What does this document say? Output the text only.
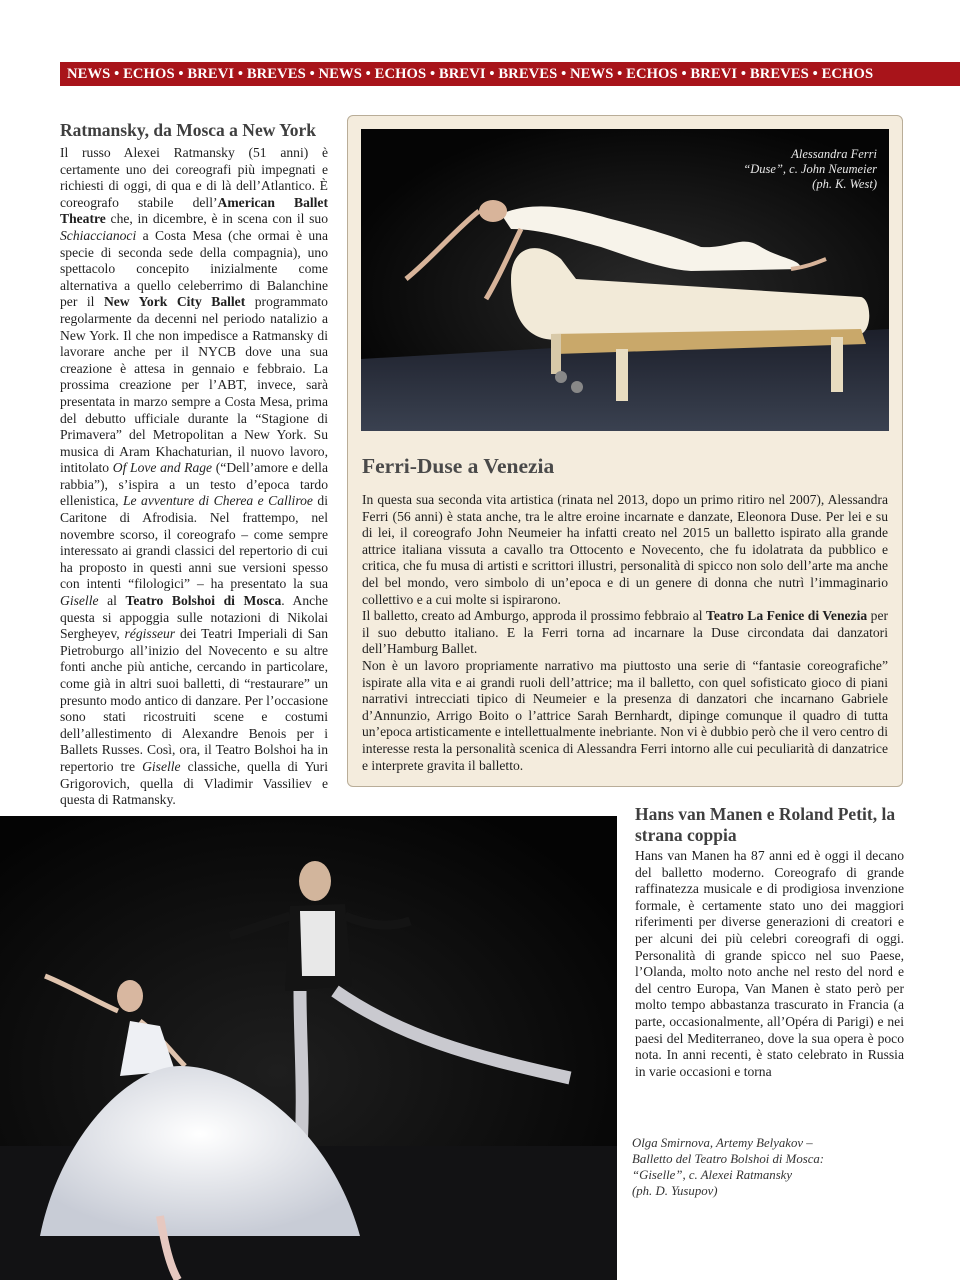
NEWS • ECHOS • BREVI • BREVES • NEWS • ECHOS • BREVI • BREVES • NEWS • ECHOS • BREVI • BREVES • ECHOS
Ratmansky, da Mosca a New York

Il russo Alexei Ratmansky (51 anni) è certamente uno dei coreografi più impegnati e richiesti di oggi, di qua e di là dell’Atlantico. È coreografo stabile dell’American Ballet Theatre che, in dicembre, è in scena con il suo Schiaccianoci a Costa Mesa (che ormai è una specie di seconda sede della compagnia), uno spettacolo concepito inizialmente come alternativa a quello celeberrimo di Balanchine per il New York City Ballet programmato regolarmente da decenni nel periodo natalizio a New York. Il che non impedisce a Ratmansky di lavorare anche per il NYCB dove una sua creazione è attesa in gennaio e febbraio. La prossima creazione per l’ABT, invece, sarà presentata in marzo sempre a Costa Mesa, prima del debutto ufficiale durante la “Stagione di Primavera” del Metropolitan a New York. Su musica di Aram Khachaturian, il nuovo lavoro, intitolato Of Love and Rage (“Dell’amore e della rabbia”), s’ispira a un testo d’epoca tardo ellenistica, Le avventure di Cherea e Calliroe di Caritone di Afrodisia. Nel frattempo, nel novembre scorso, il coreografo – come sempre interessato ai grandi classici del repertorio di cui ha proposto in questi anni sue versioni spesso con intenti “filologici” – ha presentato la sua Giselle al Teatro Bolshoi di Mosca. Anche questa si appoggia sulle notazioni di Nikolai Sergheyev, régisseur dei Teatri Imperiali di San Pietroburgo all’inizio del Novecento e su altre fonti anche più antiche, cercando in particolare, come già in altri suoi balletti, di “restaurare” un presunto modo antico di danzare. Per l’occasione sono stati ricostruiti scene e costumi dell’allestimento di Alexandre Benois per i Ballets Russes. Così, ora, il Teatro Bolshoi ha in repertorio tre Giselle classiche, quella di Yuri Grigorovich, quella di Vladimir Vassiliev e questa di Ratmansky.

Alessandra Ferri
“Duse”, c. John Neumeier
(ph. K. West)
Ferri-Duse a Venezia

In questa sua seconda vita artistica (rinata nel 2013, dopo un primo ritiro nel 2007), Alessandra Ferri (56 anni) è stata anche, tra le altre eroine incarnate e danzate, Eleonora Duse. Per lei e su di lei, il coreografo John Neumeier ha infatti creato nel 2015 un balletto ispirato alla grande attrice italiana vissuta a cavallo tra Ottocento e Novecento, che fu idolatrata da pubblico e critica, che fu musa di artisti e scrittori illustri, personalità di spicco non solo dell’arte ma anche del bel mondo, vero simbolo di un’epoca e di un genere di donna che nutrì l’immaginario collettivo e a cui molte si ispirarono.

Il balletto, creato ad Amburgo, approda il prossimo febbraio al Teatro La Fenice di Venezia per il suo debutto italiano. E la Ferri torna ad incarnare la Duse circondata dai danzatori dell’Hamburg Ballet.

Non è un lavoro propriamente narrativo ma piuttosto una serie di “fantasie coreografiche” ispirate alla vita e ai grandi ruoli dell’attrice; ma il balletto, con quel sofisticato gioco di piani narrativi intrecciati tipico di Neumeier e la presenza di danzatori che incarnano Gabriele d’Annunzio, Arrigo Boito o l’attrice Sarah Bernhardt, dipinge comunque il quadro di tutta un’epoca artisticamente e intellettualmente inebriante. Non vi è dubbio però che il vero centro di interesse resta la personalità scenica di Alessandra Ferri intorno alle cui peculiarità di danzatrice e interprete gravita il balletto.

Hans van Manen e Roland Petit, la strana coppia

Hans van Manen ha 87 anni ed è oggi il decano del balletto moderno. Coreografo di grande raffinatezza musicale e di prodigiosa invenzione formale, è certamente stato uno dei maggiori riferimenti per diverse generazioni di creatori e per alcuni dei più celebri coreografi di oggi. Personalità di grande spicco nel suo Paese, l’Olanda, molto noto anche nel resto del nord e del centro Europa, Van Manen è stato però per molto tempo abbastanza trascurato in Francia (a parte, occasionalmente, all’Opéra di Parigi) e nei paesi del Mediterraneo, dove la sua opera è poco nota. In anni recenti, è stato celebrato in Russia in varie occasioni e torna

Olga Smirnova, Artemy Belyakov –
Balletto del Teatro Bolshoi di Mosca:
“Giselle”, c. Alexei Ratmansky
(ph. D. Yusupov)
